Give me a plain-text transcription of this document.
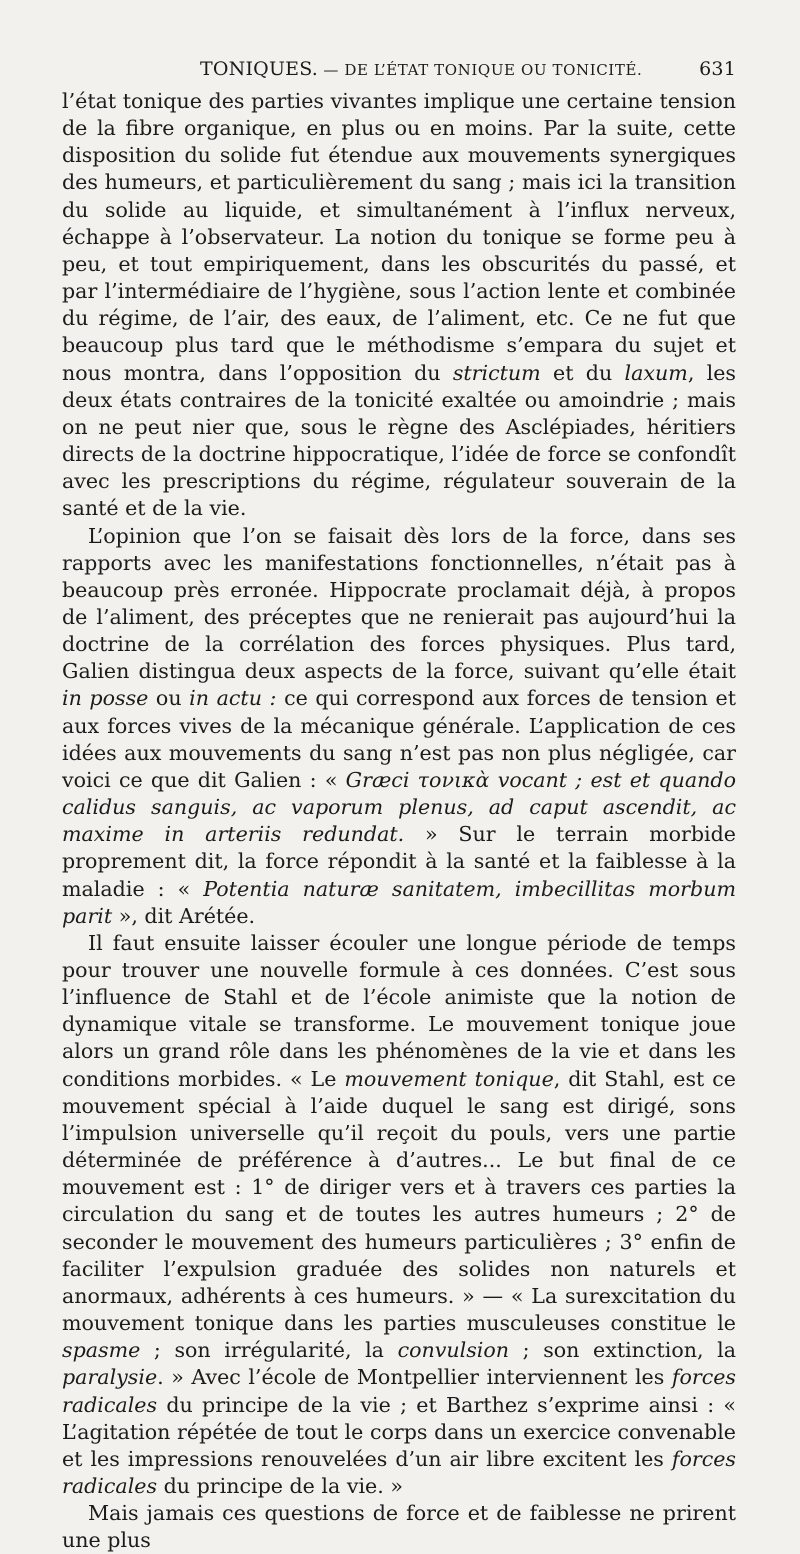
TONIQUES. — DE L’ÉTAT TONIQUE OU TONICITÉ.	631

l’état tonique des parties vivantes implique une certaine tension de la fibre organique, en plus ou en moins. Par la suite, cette disposition du solide fut étendue aux mouvements synergiques des humeurs, et particulièrement du sang ; mais ici la transition du solide au liquide, et simultanément à l’influx nerveux, échappe à l’observateur. La notion du tonique se forme peu à peu, et tout empiriquement, dans les obscurités du passé, et par l’intermédiaire de l’hygiène, sous l’action lente et combinée du régime, de l’air, des eaux, de l’aliment, etc. Ce ne fut que beaucoup plus tard que le méthodisme s’empara du sujet et nous montra, dans l’opposition du strictum et du laxum, les deux états contraires de la tonicité exaltée ou amoindrie ; mais on ne peut nier que, sous le règne des Asclépiades, héritiers directs de la doctrine hippocratique, l’idée de force se confondît avec les prescriptions du régime, régulateur souverain de la santé et de la vie.

L’opinion que l’on se faisait dès lors de la force, dans ses rapports avec les manifestations fonctionnelles, n’était pas à beaucoup près erronée. Hippocrate proclamait déjà, à propos de l’aliment, des préceptes que ne renierait pas aujourd’hui la doctrine de la corrélation des forces physiques. Plus tard, Galien distingua deux aspects de la force, suivant qu’elle était in posse ou in actu : ce qui correspond aux forces de tension et aux forces vives de la mécanique générale. L’application de ces idées aux mouvements du sang n’est pas non plus négligée, car voici ce que dit Galien : « Græci τονικὰ vocant ; est et quando calidus sanguis, ac vaporum plenus, ad caput ascendit, ac maxime in arteriis redundat. » Sur le terrain morbide proprement dit, la force répondit à la santé et la faiblesse à la maladie : « Potentia naturæ sanitatem, imbecillitas morbum parit », dit Arétée.

Il faut ensuite laisser écouler une longue période de temps pour trouver une nouvelle formule à ces données. C’est sous l’influence de Stahl et de l’école animiste que la notion de dynamique vitale se transforme. Le mouvement tonique joue alors un grand rôle dans les phénomènes de la vie et dans les conditions morbides. « Le mouvement tonique, dit Stahl, est ce mouvement spécial à l’aide duquel le sang est dirigé, sons l’impulsion universelle qu’il reçoit du pouls, vers une partie déterminée de préférence à d’autres... Le but final de ce mouvement est : 1° de diriger vers et à travers ces parties la circulation du sang et de toutes les autres humeurs ; 2° de seconder le mouvement des humeurs particulières ; 3° enfin de faciliter l’expulsion graduée des solides non naturels et anormaux, adhérents à ces humeurs. » — « La surexcitation du mouvement tonique dans les parties musculeuses constitue le spasme ; son irrégularité, la convulsion ; son extinction, la paralysie. » Avec l’école de Montpellier interviennent les forces radicales du principe de la vie ; et Barthez s’exprime ainsi : « L’agitation répétée de tout le corps dans un exercice convenable et les impressions renouvelées d’un air libre excitent les forces radicales du principe de la vie. »

Mais jamais ces questions de force et de faiblesse ne prirent une plus
